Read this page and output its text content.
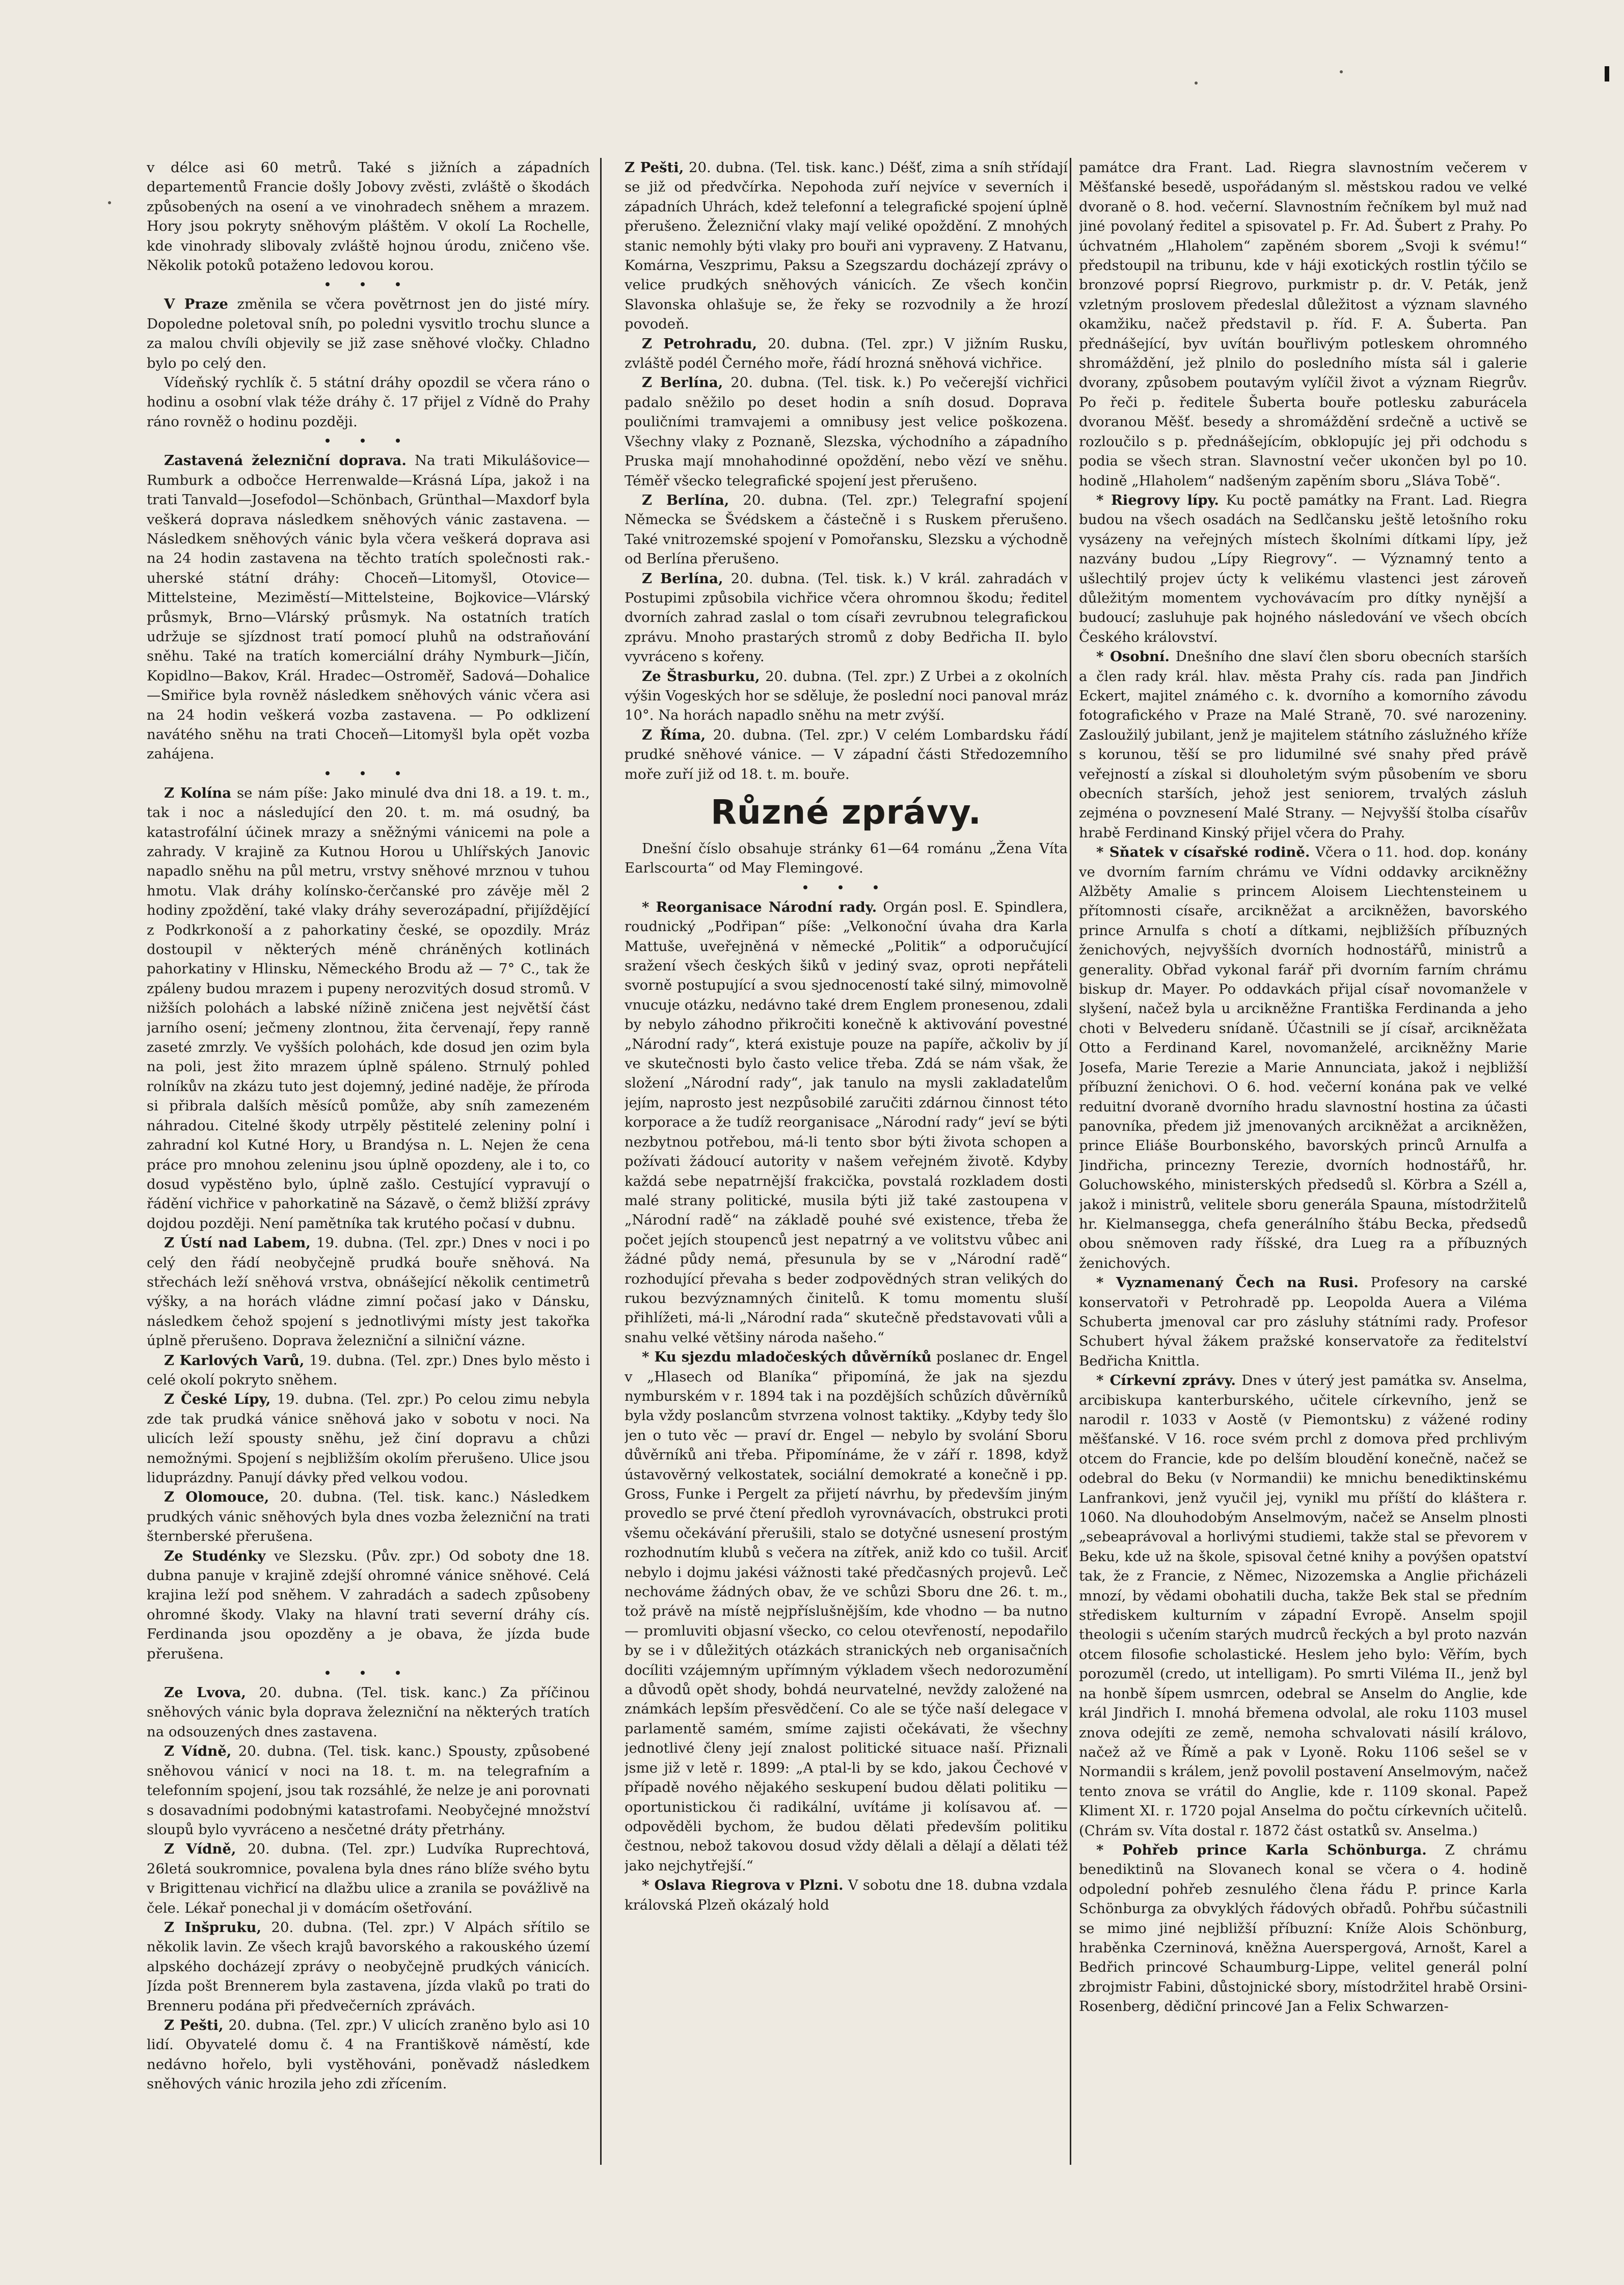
v délce asi 60 metrů. Také s jižních a západních departementů Francie došly Jobovy zvěsti, zvláště o škodách způsobených na osení a ve vinohradech sněhem a mrazem. Hory jsou pokryty sněhovým pláštěm. V okolí La Rochelle, kde vinohrady slibovaly zvláště hojnou úrodu, zničeno vše. Několik potoků potaženo ledovou korou.

• • •

V Praze změnila se včera povětrnost jen do jisté míry. Dopoledne poletoval sníh, po poledni vysvitlo trochu slunce a za malou chvíli objevily se již zase sněhové vločky. Chladno bylo po celý den.

Vídeňský rychlík č. 5 státní dráhy opozdil se včera ráno o hodinu a osobní vlak téže dráhy č. 17 přijel z Vídně do Prahy ráno rovněž o hodinu později.

• • •

Zastavená železniční doprava. Na trati Mikulášovice—Rumburk a odbočce Herrenwalde—Krásná Lípa, jakož i na trati Tanvald—Josefodol—Schönbach, Grünthal—Maxdorf byla veškerá doprava následkem sněhových vánic zastavena. — Následkem sněhových vánic byla včera veškerá doprava asi na 24 hodin zastavena na těchto tratích společnosti rak.-uherské státní dráhy: Choceň—Litomyšl, Otovice—Mittelsteine, Meziměstí—Mittelsteine, Bojkovice—Vlárský průsmyk, Brno—Vlárský průsmyk. Na ostatních tratích udržuje se sjízdnost tratí pomocí pluhů na odstraňování sněhu. Také na tratích komerciální dráhy Nymburk—Jičín, Kopidlno—Bakov, Král. Hradec—Ostroměř, Sadová—Dohalice—Smiřice byla rovněž následkem sněhových vánic včera asi na 24 hodin veškerá vozba zastavena. — Po odklizení navátého sněhu na trati Choceň—Litomyšl byla opět vozba zahájena.

• • •

Z Kolína se nám píše: Jako minulé dva dni 18. a 19. t. m., tak i noc a následující den 20. t. m. má osudný, ba katastrofální účinek mrazy a sněžnými vánicemi na pole a zahrady. V krajině za Kutnou Horou u Uhlířských Janovic napadlo sněhu na půl metru, vrstvy sněhové mrznou v tuhou hmotu. Vlak dráhy kolínsko-čerčanské pro závěje měl 2 hodiny zpoždění, také vlaky dráhy severozápadní, přijíždějící z Podkrkonoší a z pahorkatiny české, se opozdily. Mráz dostoupil v některých méně chráněných kotlinách pahorkatiny v Hlinsku, Německého Brodu až — 7° C., tak že zpáleny budou mrazem i pupeny nerozvitých dosud stromů. V nižších polohách a labské nížině zničena jest největší část jarního osení; ječmeny zlontnou, žita červenají, řepy ranně zaseté zmrzly. Ve vyšších polohách, kde dosud jen ozim byla na poli, jest žito mrazem úplně spáleno. Strnulý pohled rolníkův na zkázu tuto jest dojemný, jediné naděje, že příroda si přibrala dalších měsíců pomůže, aby sníh zamezeném náhradou. Citelné škody utrpěly pěstitelé zeleniny polní i zahradní kol Kutné Hory, u Brandýsa n. L. Nejen že cena práce pro mnohou zeleninu jsou úplně opozdeny, ale i to, co dosud vypěstěno bylo, úplně zašlo. Cestující vypravují o řádění vichřice v pahorkatině na Sázavě, o čemž bližší zprávy dojdou později. Není pamětníka tak krutého počasí v dubnu.

Z Ústí nad Labem, 19. dubna. (Tel. zpr.) Dnes v noci i po celý den řádí neobyčejně prudká bouře sněhová. Na střechách leží sněhová vrstva, obnášející několik centimetrů výšky, a na horách vládne zimní počasí jako v Dánsku, následkem čehož spojení s jednotlivými místy jest takořka úplně přerušeno. Doprava železniční a silniční vázne.

Z Karlových Varů, 19. dubna. (Tel. zpr.) Dnes bylo město i celé okolí pokryto sněhem.

Z České Lípy, 19. dubna. (Tel. zpr.) Po celou zimu nebyla zde tak prudká vánice sněhová jako v sobotu v noci. Na ulicích leží spousty sněhu, jež činí dopravu a chůzi nemožnými. Spojení s nejbližším okolím přerušeno. Ulice jsou liduprázdny. Panují dávky před velkou vodou.

Z Olomouce, 20. dubna. (Tel. tisk. kanc.) Následkem prudkých vánic sněhových byla dnes vozba železniční na trati šternberské přerušena.

Ze Studénky ve Slezsku. (Pův. zpr.) Od soboty dne 18. dubna panuje v krajině zdejší ohromné vánice sněhové. Celá krajina leží pod sněhem. V zahradách a sadech způsobeny ohromné škody. Vlaky na hlavní trati severní dráhy cís. Ferdinanda jsou opozděny a je obava, že jízda bude přerušena.

• • •

Ze Lvova, 20. dubna. (Tel. tisk. kanc.) Za příčinou sněhových vánic byla doprava železniční na některých tratích na odsouzených dnes zastavena.

Z Vídně, 20. dubna. (Tel. tisk. kanc.) Spousty, způsobené sněhovou vánicí v noci na 18. t. m. na telegrafním a telefonním spojení, jsou tak rozsáhlé, že nelze je ani porovnati s dosavadními podobnými katastrofami. Neobyčejné množství sloupů bylo vyvráceno a nesčetné dráty přetrhány.

Z Vídně, 20. dubna. (Tel. zpr.) Ludvíka Ruprechtová, 26letá soukromnice, povalena byla dnes ráno blíže svého bytu v Brigittenau vichřicí na dlažbu ulice a zranila se povážlivě na čele. Lékař ponechal ji v domácím ošetřování.

Z Inšpruku, 20. dubna. (Tel. zpr.) V Alpách sřítilo se několik lavin. Ze všech krajů bavorského a rakouského území alpského docházejí zprávy o neobyčejně prudkých vánicích. Jízda pošt Brennerem byla zastavena, jízda vlaků po trati do Brenneru podána při předvečerních zprávách.

Z Pešti, 20. dubna. (Tel. zpr.) V ulicích zraněno bylo asi 10 lidí. Obyvatelé domu č. 4 na Františkově náměstí, kde nedávno hořelo, byli vystěhováni, poněvadž následkem sněhových vánic hrozila jeho zdi zřícením.

Z Pešti, 20. dubna. (Tel. tisk. kanc.) Déšť, zima a sníh střídají se již od předvčírka. Nepohoda zuří nejvíce v severních i západních Uhrách, kdež telefonní a telegrafické spojení úplně přerušeno. Železniční vlaky mají veliké opoždění. Z mnohých stanic nemohly býti vlaky pro bouři ani vypraveny. Z Hatvanu, Komárna, Veszprimu, Paksu a Szegszardu docházejí zprávy o velice prudkých sněhových vánicích. Ze všech končin Slavonska ohlašuje se, že řeky se rozvodnily a že hrozí povodeň.

Z Petrohradu, 20. dubna. (Tel. zpr.) V jižním Rusku, zvláště podél Černého moře, řádí hrozná sněhová vichřice.

Z Berlína, 20. dubna. (Tel. tisk. k.) Po večerejší vichřici padalo sněžilo po deset hodin a sníh dosud. Doprava pouličními tramvajemi a omnibusy jest velice poškozena. Všechny vlaky z Poznaně, Slezska, východního a západního Pruska mají mnohahodinné opoždění, nebo vězí ve sněhu. Téměř všecko telegrafické spojení jest přerušeno.

Z Berlína, 20. dubna. (Tel. zpr.) Telegrafní spojení Německa se Švédskem a částečně i s Ruskem přerušeno. Také vnitrozemské spojení v Pomořansku, Slezsku a východně od Berlína přerušeno.

Z Berlína, 20. dubna. (Tel. tisk. k.) V král. zahradách v Postupimi způsobila vichřice včera ohromnou škodu; ředitel dvorních zahrad zaslal o tom císaři zevrubnou telegrafickou zprávu. Mnoho prastarých stromů z doby Bedřicha II. bylo vyvráceno s kořeny.

Ze Štrasburku, 20. dubna. (Tel. zpr.) Z Urbei a z okolních výšin Vogeských hor se sděluje, že poslední noci panoval mráz 10°. Na horách napadlo sněhu na metr zvýší.

Z Říma, 20. dubna. (Tel. zpr.) V celém Lombardsku řádí prudké sněhové vánice. — V západní části Středozemního moře zuří již od 18. t. m. bouře.

Různé zprávy.

Dnešní číslo obsahuje stránky 61—64 románu „Žena Víta Earlscourta“ od May Flemingové.

• • •

* Reorganisace Národní rady. Orgán posl. E. Spindlera, roudnický „Podřipan“ píše: „Velkonoční úvaha dra Karla Mattuše, uveřejněná v německé „Politik“ a odporučující sražení všech českých šiků v jediný svaz, oproti nepřáteli svorně postupující a svou sjednoceností také silný, mimovolně vnucuje otázku, nedávno také drem Englem pronesenou, zdali by nebylo záhodno přikročiti konečně k aktivování povestné „Národní rady“, která existuje pouze na papíře, ačkoliv by jí ve skutečnosti bylo často velice třeba. Zdá se nám však, že složení „Národní rady“, jak tanulo na mysli zakladatelům jejím, naprosto jest nezpůsobilé zaručiti zdárnou činnost této korporace a že tudíž reorganisace „Národní rady“ jeví se býti nezbytnou potřebou, má-li tento sbor býti života schopen a požívati žádoucí autority v našem veřejném životě. Kdyby každá sebe nepatrnější frakcička, povstalá rozkladem dosti malé strany politické, musila býti již také zastoupena v „Národní radě“ na základě pouhé své existence, třeba že počet jejích stoupenců jest nepatrný a ve volitstvu vůbec ani žádné půdy nemá, přesunula by se v „Národní radě“ rozhodující převaha s beder zodpovědných stran velikých do rukou bezvýznamných činitelů. K tomu momentu sluší přihlížeti, má-li „Národní rada“ skutečně představovati vůli a snahu velké většiny národa našeho.“

* Ku sjezdu mladočeských důvěrníků poslanec dr. Engel v „Hlasech od Blaníka“ připomíná, že jak na sjezdu nymburském v r. 1894 tak i na pozdějších schůzích důvěrníků byla vždy poslancům stvrzena volnost taktiky. „Kdyby tedy šlo jen o tuto věc — praví dr. Engel — nebylo by svolání Sboru důvěrníků ani třeba. Připomínáme, že v září r. 1898, když ústavověrný velkostatek, sociální demokraté a konečně i pp. Gross, Funke i Pergelt za přijetí návrhu, by především jiným provedlo se prvé čtení předloh vyrovnávacích, obstrukci proti všemu očekávání přerušili, stalo se dotyčné usnesení prostým rozhodnutím klubů s večera na zítřek, aniž kdo co tušil. Arciť nebylo i dojmu jakési vážnosti také předčasných projevů. Leč nechováme žádných obav, že ve schůzi Sboru dne 26. t. m., tož právě na místě nejpříslušnějším, kde vhodno — ba nutno — promluviti objasní všecko, co celou otevřeností, nepodařilo by se i v důležitých otázkách stranických neb organisačních docíliti vzájemným upřímným výkladem všech nedorozumění a důvodů opět shody, bohdá neurvatelné, nevždy založené na známkách lepším přesvědčení. Co ale se týče naší delegace v parlamentě samém, smíme zajisti očekávati, že všechny jednotlivé členy její znalost politické situace naší. Přiznali jsme již v letě r. 1899: „A ptal-li by se kdo, jakou Čechové v případě nového nějakého seskupení budou dělati politiku — oportunistickou či radikální, uvítáme ji kolísavou ať. — odpověděli bychom, že budou dělati především politiku čestnou, nebož takovou dosud vždy dělali a dělají a dělati též jako nejchytřejší.“

* Oslava Riegrova v Plzni. V sobotu dne 18. dubna vzdala královská Plzeň okázalý hold

památce dra Frant. Lad. Riegra slavnostním večerem v Měšťanské besedě, uspořádaným sl. městskou radou ve velké dvoraně o 8. hod. večerní. Slavnostním řečníkem byl muž nad jiné povolaný ředitel a spisovatel p. Fr. Ad. Šubert z Prahy. Po úchvatném „Hlaholem“ zapěném sborem „Svoji k svému!“ předstoupil na tribunu, kde v háji exotických rostlin týčilo se bronzové poprsí Riegrovo, purkmistr p. dr. V. Peták, jenž vzletným proslovem předeslal důležitost a význam slavného okamžiku, načež představil p. říd. F. A. Šuberta. Pan přednášející, byv uvítán bouřlivým potleskem ohromného shromáždění, jež plnilo do posledního místa sál i galerie dvorany, způsobem poutavým vylíčil život a význam Riegrův. Po řeči p. ředitele Šuberta bouře potlesku zaburácela dvoranou Měšť. besedy a shromáždění srdečně a uctivě se rozloučilo s p. přednášejícím, obklopujíc jej při odchodu s podia se všech stran. Slavnostní večer ukončen byl po 10. hodině „Hlaholem“ nadšeným zapěním sboru „Sláva Tobě“.

* Riegrovy lípy. Ku poctě památky na Frant. Lad. Riegra budou na všech osadách na Sedlčansku ještě letošního roku vysázeny na veřejných místech školními dítkami lípy, jež nazvány budou „Lípy Riegrovy“. — Významný tento a ušlechtilý projev úcty k velikému vlastenci jest zároveň důležitým momentem vychovávacím pro dítky nynější a budoucí; zasluhuje pak hojného následování ve všech obcích Českého království.

* Osobní. Dnešního dne slaví člen sboru obecních starších a člen rady král. hlav. města Prahy cís. rada pan Jindřich Eckert, majitel známého c. k. dvorního a komorního závodu fotografického v Praze na Malé Straně, 70. své narozeniny. Zasloužilý jubilant, jenž je majitelem státního záslužného kříže s korunou, těší se pro lidumilné své snahy před právě veřejností a získal si dlouholetým svým působením ve sboru obecních starších, jehož jest seniorem, trvalých zásluh zejména o povznesení Malé Strany. — Nejvyšší štolba císařův hrabě Ferdinand Kinský přijel včera do Prahy.

* Sňatek v císařské rodině. Včera o 11. hod. dop. konány ve dvorním farním chrámu ve Vídni oddavky arcikněžny Alžběty Amalie s princem Aloisem Liechtensteinem u přítomnosti císaře, arcikněžat a arcikněžen, bavorského prince Arnulfa s chotí a dítkami, nejbližších příbuzných ženichových, nejvyšších dvorních hodnostářů, ministrů a generality. Obřad vykonal farář při dvorním farním chrámu biskup dr. Mayer. Po oddavkách přijal císař novomanžele v slyšení, načež byla u arcikněžne Františka Ferdinanda a jeho choti v Belvederu snídaně. Účastnili se jí císař, arcikněžata Otto a Ferdinand Karel, novomanželé, arcikněžny Marie Josefa, Marie Terezie a Marie Annunciata, jakož i nejbližší příbuzní ženichovi. O 6. hod. večerní konána pak ve velké reduitní dvoraně dvorního hradu slavnostní hostina za účasti panovníka, předem již jmenovaných arcikněžat a arcikněžen, prince Eliáše Bourbonského, bavorských princů Arnulfa a Jindřicha, princezny Terezie, dvorních hodnostářů, hr. Goluchowského, ministerských předsedů sl. Körbra a Széll a, jakož i ministrů, velitele sboru generála Spauna, místodržitelů hr. Kielmansegga, chefa generálního štábu Becka, předsedů obou sněmoven rady říšské, dra Lueg ra a příbuzných ženichových.

* Vyznamenaný Čech na Rusi. Profesory na carské konservatoři v Petrohradě pp. Leopolda Auera a Viléma Schuberta jmenoval car pro zásluhy státními rady. Profesor Schubert hýval žákem pražské konservatoře za ředitelství Bedřicha Knittla.

* Církevní zprávy. Dnes v úterý jest památka sv. Anselma, arcibiskupa kanterburského, učitele církevního, jenž se narodil r. 1033 v Aostě (v Piemontsku) z vážené rodiny měšťanské. V 16. roce svém prchl z domova před prchlivým otcem do Francie, kde po delším bloudění konečně, načež se odebral do Beku (v Normandii) ke mnichu benediktinskému Lanfrankovi, jenž vyučil jej, vynikl mu příští do kláštera r. 1060. Na dlouhodobým Anselmovým, načež se Anselm plnosti „sebeaprávoval a horlivými studiemi, takže stal se převorem v Beku, kde už na škole, spisoval četné knihy a povýšen opatství tak, že z Francie, z Němec, Nizozemska a Anglie přicházeli mnozí, by vědami obohatili ducha, takže Bek stal se předním střediskem kulturním v západní Evropě. Anselm spojil theologii s učením starých mudrců řeckých a byl proto nazván otcem filosofie scholastické. Heslem jeho bylo: Věřím, bych porozuměl (credo, ut intelligam). Po smrti Viléma II., jenž byl na honbě šípem usmrcen, odebral se Anselm do Anglie, kde král Jindřich I. mnohá břemena odvolal, ale roku 1103 musel znova odejíti ze země, nemoha schvalovati násilí královo, načež až ve Římě a pak v Lyoně. Roku 1106 sešel se v Normandii s králem, jenž povolil postavení Anselmovým, načež tento znova se vrátil do Anglie, kde r. 1109 skonal. Papež Kliment XI. r. 1720 pojal Anselma do počtu církevních učitelů. (Chrám sv. Víta dostal r. 1872 část ostatků sv. Anselma.)

* Pohřeb prince Karla Schönburga. Z chrámu benediktinů na Slovanech konal se včera o 4. hodině odpolední pohřeb zesnulého člena řádu P. prince Karla Schönburga za obvyklých řádových obřadů. Pohřbu súčastnili se mimo jiné nejbližší příbuzní: Kníže Alois Schönburg, hraběnka Czerninová, kněžna Auerspergová, Arnošt, Karel a Bedřich princové Schaumburg-Lippe, velitel generál polní zbrojmistr Fabini, důstojnické sbory, místodržitel hrabě Orsini-Rosenberg, dědiční princové Jan a Felix Schwarzen-
